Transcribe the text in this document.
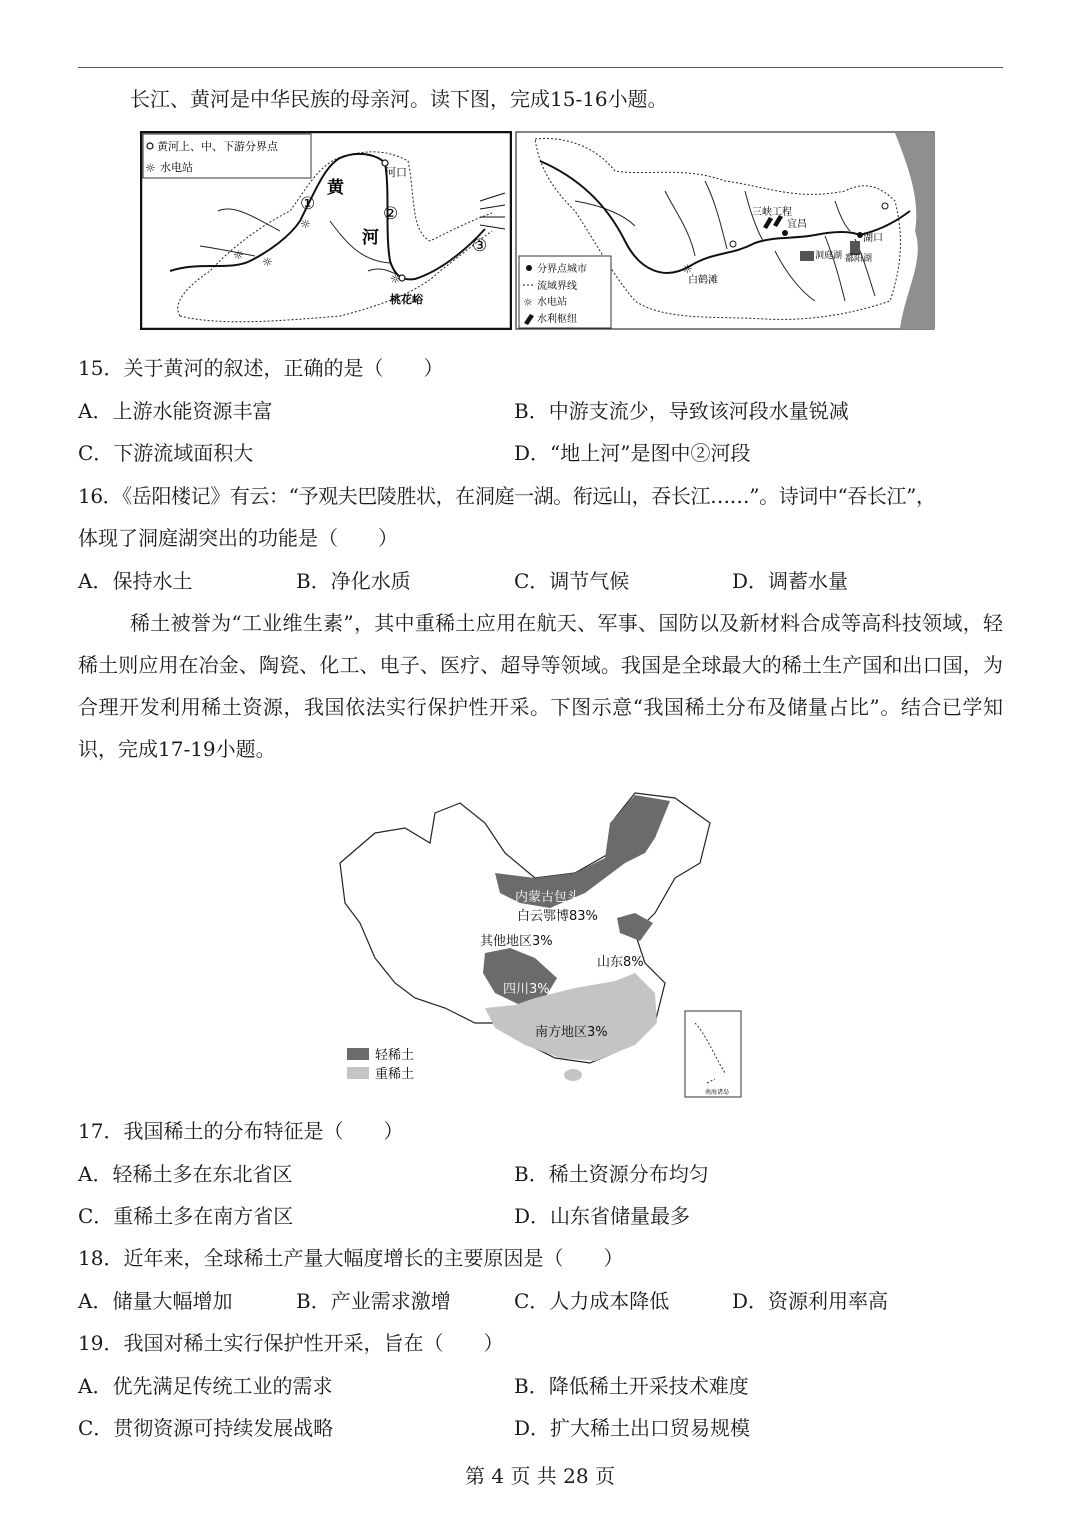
长江、黄河是中华民族的母亲河。读下图，完成15-16小题。
黄河上、中、下游分界点
☼ 水电站
☼
☼ ☼
☼
黄
河
河口
桃花峪
①	②
③
☼
三峡工程
宜昌
湖口
洞庭湖 鄱阳湖
白鹤滩
分界点城市
流域界线
☼ 水电站
水利枢纽
15．关于黄河的叙述，正确的是（　　）
A．上游水能资源丰富	B．中游支流少，导致该河段水量锐减
C．下游流域面积大	D．“地上河”是图中②河段
16．《岳阳楼记》有云：“予观夫巴陵胜状，在洞庭一湖。衔远山，吞长江……”。诗词中“吞长江”，
体现了洞庭湖突出的功能是（　　）
A．保持水土	B．净化水质	C．调节气候	D．调蓄水量
稀土被誉为“工业维生素”，其中重稀土应用在航天、军事、国防以及新材料合成等高科技领域，轻稀土则应用在冶金、陶瓷、化工、电子、医疗、超导等领域。我国是全球最大的稀土生产国和出口国，为合理开发利用稀土资源，我国依法实行保护性开采。下图示意“我国稀土分布及储量占比”。结合已学知识，完成17-19小题。
南海诸岛
内蒙古包头
白云鄂博83%
其他地区3%
山东8%
四川3%
南方地区3%
轻稀土
重稀土
17．我国稀土的分布特征是（　　）
A．轻稀土多在东北省区	B．稀土资源分布均匀
C．重稀土多在南方省区	D．山东省储量最多
18．近年来，全球稀土产量大幅度增长的主要原因是（　　）
A．储量大幅增加	B．产业需求激增	C．人力成本降低	D．资源利用率高
19．我国对稀土实行保护性开采，旨在（　　）
A．优先满足传统工业的需求	B．降低稀土开采技术难度
C．贯彻资源可持续发展战略	D．扩大稀土出口贸易规模
第 4 页 共 28 页
